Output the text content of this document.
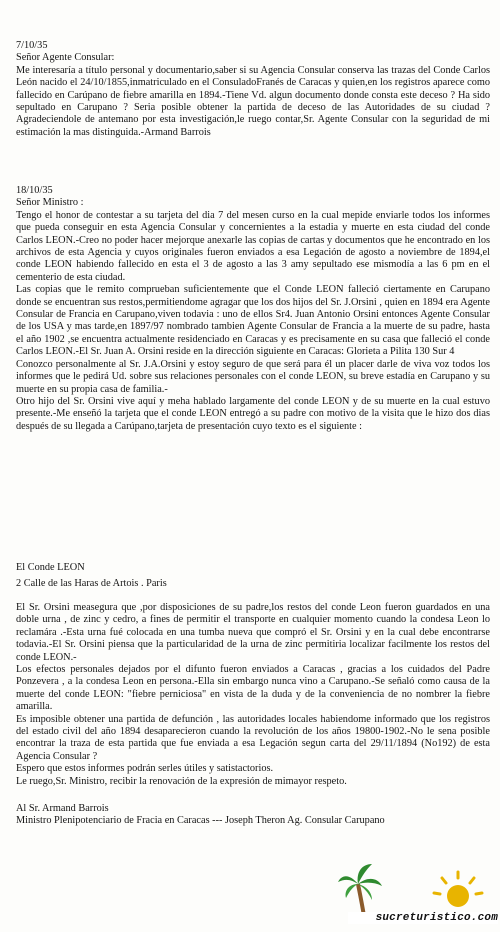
7/10/35

Señor Agente Consular:

Me interesaría a título personal y documentario,saber si su Agencia Consular conserva las trazas del Conde Carlos León nacido el 24/10/1855,inmatriculado en el ConsuladoFranés de Caracas y quien,en los registros aparece como fallecido en Carúpano de fiebre amarilla en 1894.-Tiene Vd. algun documento donde consta este deceso ? Ha sido sepultado en Carupano ? Seria posible obtener la partida de deceso de las Autoridades de su ciudad ?Agradeciendole de antemano por esta investigación,le ruego contar,Sr. Agente Consular con la seguridad de mi estimación la mas distinguida.-Armand Barrois

18/10/35

Señor Ministro :

Tengo el honor de contestar a su tarjeta del dia 7 del mesen curso en la cual mepide enviarle todos los informes que pueda conseguir en esta Agencia Consular y concernientes a la estadia y muerte en esta ciudad del conde Carlos LEON.-Creo no poder hacer mejorque anexarle las copias de cartas y documentos que he encontrado en los archivos de esta Agencia y cuyos originales fueron enviados a esa Legación de agosto a noviembre de 1894,el conde LEON habiendo fallecido en esta el 3 de agosto a las 3 amy sepultado ese mismodía a las 6 pm en el cementerio de esta ciudad.

Las copias que le remito comprueban suficientemente que el Conde LEON falleció ciertamente en Carupano donde se encuentran sus restos,permitiendome agragar que los dos hijos del Sr. J.Orsini , quien en 1894 era Agente Consular de Francia en Carupano,viven todavia : uno de ellos Sr4. Juan Antonio Orsini entonces Agente Consular de los USA y mas tarde,en 1897/97 nombrado tambien Agente Consular de Francia a la muerte de su padre, hasta el año 1902 ,se encuentra actualmente residenciado en Caracas y es precisamente en su casa que falleció el conde Carlos LEON.-El Sr. Juan A. Orsini reside en la dirección siguiente en Caracas: Glorieta a Pilita 130 Sur 4

Conozco personalmente al Sr. J.A.Orsini y estoy seguro de que será para él un placer darle de viva voz todos los informes que le pedirá Ud. sobre sus relaciones personales con el conde LEON, su breve estadía en Carupano y su muerte en su propia casa de familia.-

Otro hijo del Sr. Orsini vive aquí y meha hablado largamente del conde LEON y de su muerte en la cual estuvo presente.-Me enseñó la tarjeta que el conde LEON entregó a su padre con motivo de la visita que le hizo dos dias después de su llegada a Carúpano,tarjeta de presentación cuyo texto es el siguiente :

El Conde LEON

2 Calle de las Haras de Artois . Paris

El Sr. Orsini measegura que ,por disposiciones de su padre,los restos del conde Leon fueron guardados en una doble urna , de zinc y cedro, a fines de permitir el transporte en cualquier momento cuando la condesa Leon lo reclamára .-Esta urna fué colocada en una tumba nueva que compró el Sr. Orsini y en la cual debe encontrarse todavia.-El Sr. Orsini piensa que la particularidad de la urna de zinc permitiria localizar facilmente los restos del conde LEON.-

Los efectos personales dejados por el difunto fueron enviados a Caracas , gracias a los cuidados del Padre Ponzevera , a la condesa Leon en persona.-Ella sin embargo nunca vino a Carupano.-Se señaló como causa de la muerte del conde LEON: "fiebre perniciosa" en vista de la duda y de la conveniencia de no nombrer la fiebre amarilla.

Es imposible obtener una partida de defunción , las autoridades locales habiendome informado que los registros del estado civil del año 1894 desaparecieron cuando la revolución de los años 19800-1902.-No le sena posible encontrar la traza de esta partida que fue enviada a esa Legación segun carta del 29/11/1894 (No192) de esta Agencia Consular ?

Espero que estos informes podrán serles útiles y satistactorios.

Le ruego,Sr. Ministro, recibir la renovación de la expresión de mimayor respeto.

Al Sr. Armand Barrois

Ministro Plenipotenciario de Fracia en Caracas --- Joseph Theron Ag. Consular Carupano

sucreturistico.com
